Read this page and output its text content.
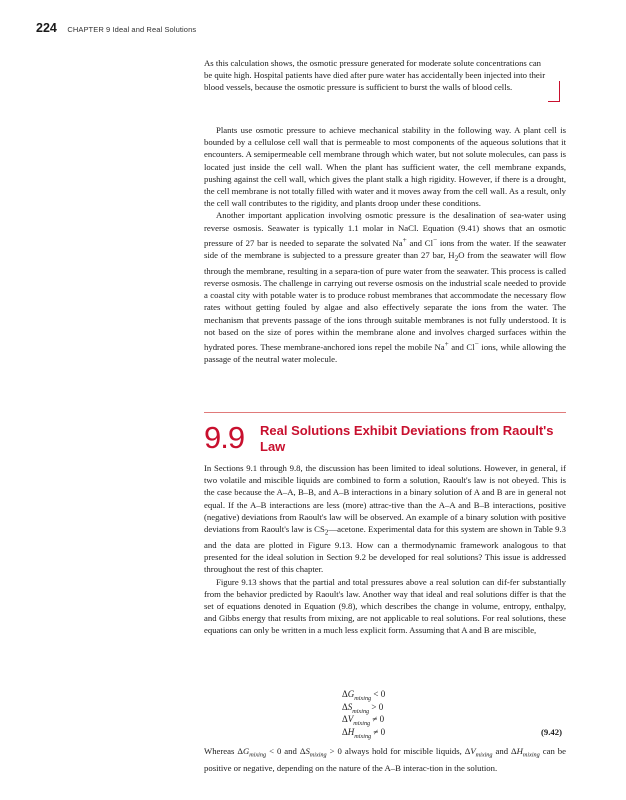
224 CHAPTER 9 Ideal and Real Solutions

As this calculation shows, the osmotic pressure generated for moderate solute concentrations can be quite high. Hospital patients have died after pure water has accidentally been injected into their blood vessels, because the osmotic pressure is sufficient to burst the walls of blood cells.

Plants use osmotic pressure to achieve mechanical stability in the following way. A plant cell is bounded by a cellulose cell wall that is permeable to most components of the aqueous solutions that it encounters. A semipermeable cell membrane through which water, but not solute molecules, can pass is located just inside the cell wall. When the plant has sufficient water, the cell membrane expands, pushing against the cell wall, which gives the plant stalk a high rigidity. However, if there is a drought, the cell membrane is not totally filled with water and it moves away from the cell wall. As a result, only the cell wall contributes to the rigidity, and plants droop under these conditions.

Another important application involving osmotic pressure is the desalination of sea-water using reverse osmosis. Seawater is typically 1.1 molar in NaCl. Equation (9.41) shows that an osmotic pressure of 27 bar is needed to separate the solvated Na+ and Cl− ions from the water. If the seawater side of the membrane is subjected to a pressure greater than 27 bar, $H_2O$ from the seawater will flow through the membrane, resulting in a separa-tion of pure water from the seawater. This process is called reverse osmosis. The challenge in carrying out reverse osmosis on the industrial scale needed to provide a coastal city with potable water is to produce robust membranes that accommodate the necessary flow rates without getting fouled by algae and also effectively separate the ions from the water. The mechanism that prevents passage of the ions through suitable membranes is not fully understood. It is not based on the size of pores within the membrane alone and involves charged surfaces within the hydrated pores. These membrane-anchored ions repel the mobile Na+ and Cl− ions, while allowing the passage of the neutral water molecule.

9.9 Real Solutions Exhibit Deviations from Raoult's Law

In Sections 9.1 through 9.8, the discussion has been limited to ideal solutions. However, in general, if two volatile and miscible liquids are combined to form a solution, Raoult's law is not obeyed. This is the case because the A–A, B–B, and A–B interactions in a binary solution of A and B are in general not equal. If the A–B interactions are less (more) attrac-tive than the A–A and B–B interactions, positive (negative) deviations from Raoult's law will be observed. An example of a binary solution with positive deviations from Raoult's law is $CS_2—acetone$. Experimental data for this system are shown in Table 9.3 and the data are plotted in Figure 9.13. How can a thermodynamic framework analogous to that presented for the ideal solution in Section 9.2 be developed for real solutions? This issue is addressed throughout the rest of this chapter.

Figure 9.13 shows that the partial and total pressures above a real solution can dif-fer substantially from the behavior predicted by Raoult's law. Another way that ideal and real solutions differ is that the set of equations denoted in Equation (9.8), which describes the change in volume, entropy, enthalpy, and Gibbs energy that results from mixing, are not applicable to real solutions. For real solutions, these equations can only be written in a much less explicit form. Assuming that A and B are miscible,

$\Delta G_{mixing} < 0$
$\Delta S_{mixing} > 0$
$\Delta V_{mixing} \ne 0$
$\Delta H_{mixing} \ne 0$	(9.42)

Whereas $\Delta G_{mixing} < 0$ and $\Delta S_{mixing} > 0$ always hold for miscible liquids, $\Delta V_{mixing}$ and $\Delta H_{mixing}$ can be positive or negative, depending on the nature of the A–B interac-tion in the solution.
